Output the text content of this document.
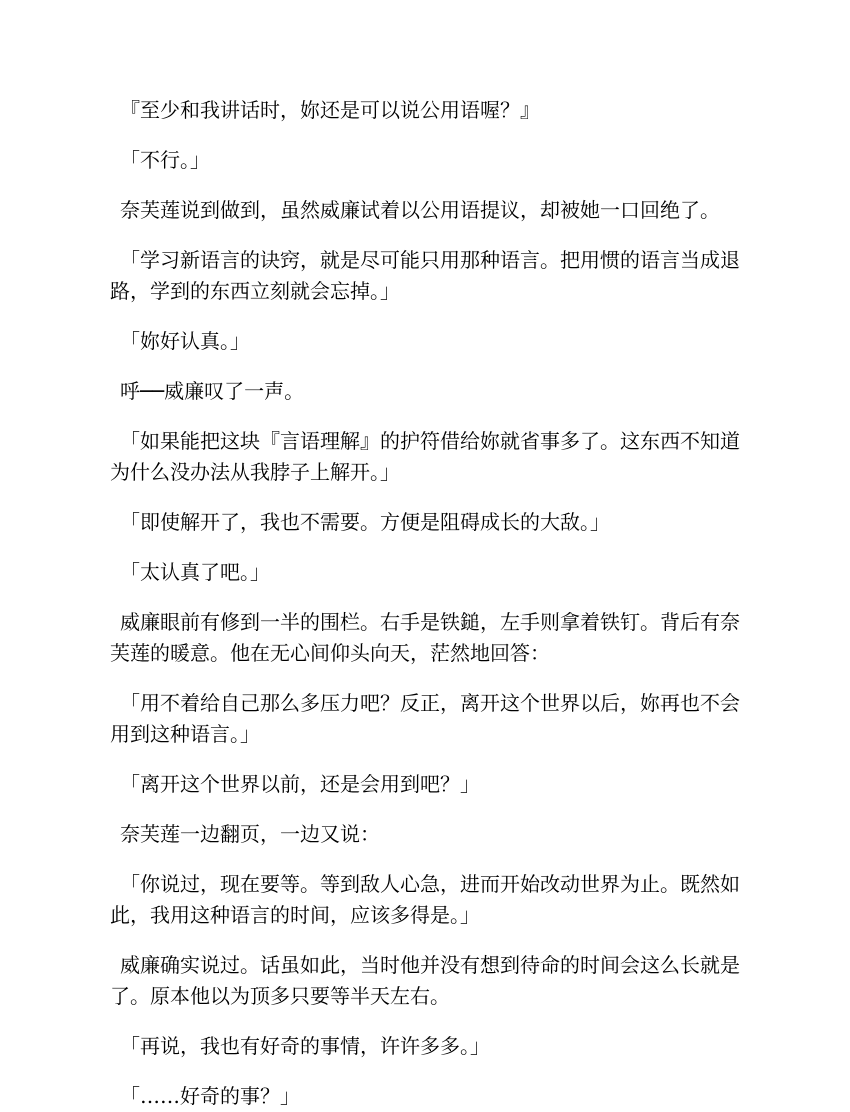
『至少和我讲话时，妳还是可以说公用语喔？』

「不行。」

奈芙莲说到做到，虽然威廉试着以公用语提议，却被她一口回绝了。

「学习新语言的诀窍，就是尽可能只用那种语言。把用惯的语言当成退路，学到的东西立刻就会忘掉。」

「妳好认真。」

呼──威廉叹了一声。

「如果能把这块『言语理解』的护符借给妳就省事多了。这东西不知道为什么没办法从我脖子上解开。」

「即使解开了，我也不需要。方便是阻碍成长的大敌。」

「太认真了吧。」

威廉眼前有修到一半的围栏。右手是铁鎚，左手则拿着铁钉。背后有奈芙莲的暖意。他在无心间仰头向天，茫然地回答：

「用不着给自己那么多压力吧？反正，离开这个世界以后，妳再也不会用到这种语言。」

「离开这个世界以前，还是会用到吧？」

奈芙莲一边翻页，一边又说：

「你说过，现在要等。等到敌人心急，进而开始改动世界为止。既然如此，我用这种语言的时间，应该多得是。」

威廉确实说过。话虽如此，当时他并没有想到待命的时间会这么长就是了。原本他以为顶多只要等半天左右。

「再说，我也有好奇的事情，许许多多。」

「……好奇的事？」
